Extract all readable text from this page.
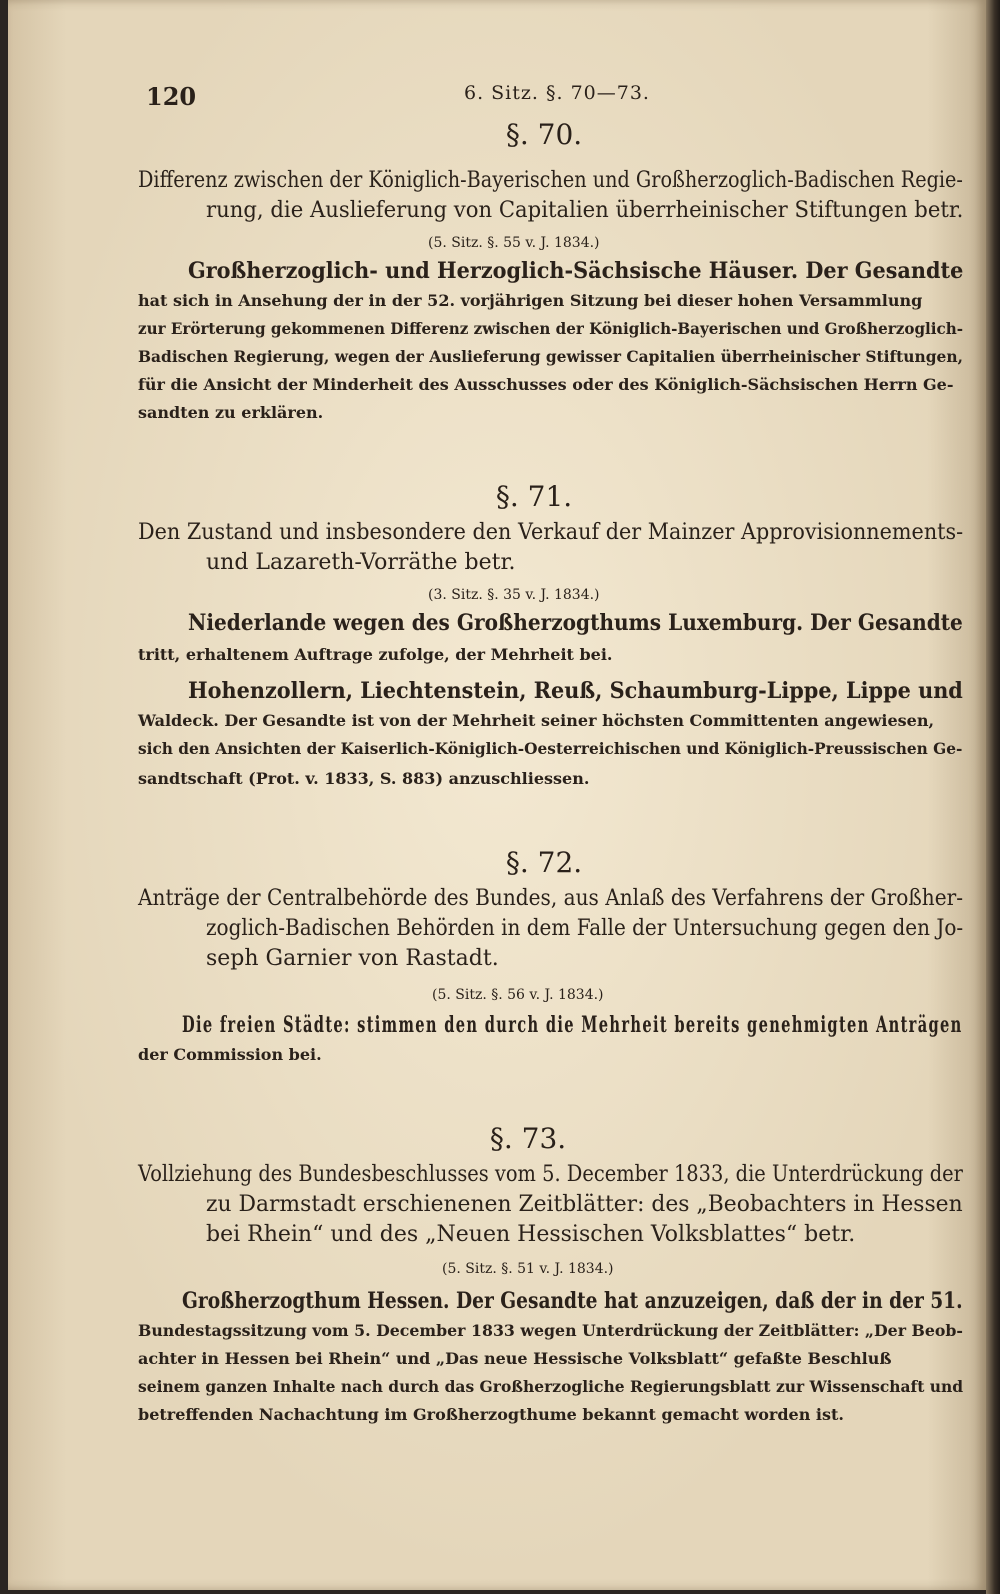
120	6. Sitz. §. 70—73.
§. 70.
Differenz zwischen der Königlich-Bayerischen und Großherzoglich-Badischen Regie-
rung, die Auslieferung von Capitalien überrheinischer Stiftungen betr.
(5. Sitz. §. 55 v. J. 1834.)
Großherzoglich- und Herzoglich-Sächsische Häuser. Der Gesandte
hat sich in Ansehung der in der 52. vorjährigen Sitzung bei dieser hohen Versammlung
zur Erörterung gekommenen Differenz zwischen der Königlich-Bayerischen und Großherzoglich-
Badischen Regierung, wegen der Auslieferung gewisser Capitalien überrheinischer Stiftungen,
für die Ansicht der Minderheit des Ausschusses oder des Königlich-Sächsischen Herrn Ge-
sandten zu erklären.
§. 71.
Den Zustand und insbesondere den Verkauf der Mainzer Approvisionnements-
und Lazareth-Vorräthe betr.
(3. Sitz. §. 35 v. J. 1834.)
Niederlande wegen des Großherzogthums Luxemburg. Der Gesandte
tritt, erhaltenem Auftrage zufolge, der Mehrheit bei.
Hohenzollern, Liechtenstein, Reuß, Schaumburg-Lippe, Lippe und
Waldeck. Der Gesandte ist von der Mehrheit seiner höchsten Committenten angewiesen,
sich den Ansichten der Kaiserlich-Königlich-Oesterreichischen und Königlich-Preussischen Ge-
sandtschaft (Prot. v. 1833, S. 883) anzuschliessen.
§. 72.
Anträge der Centralbehörde des Bundes, aus Anlaß des Verfahrens der Großher-
zoglich-Badischen Behörden in dem Falle der Untersuchung gegen den Jo-
seph Garnier von Rastadt.
(5. Sitz. §. 56 v. J. 1834.)
Die freien Städte: stimmen den durch die Mehrheit bereits genehmigten Anträgen
der Commission bei.
§. 73.
Vollziehung des Bundesbeschlusses vom 5. December 1833, die Unterdrückung der
zu Darmstadt erschienenen Zeitblätter: des „Beobachters in Hessen
bei Rhein“ und des „Neuen Hessischen Volksblattes“ betr.
(5. Sitz. §. 51 v. J. 1834.)
Großherzogthum Hessen. Der Gesandte hat anzuzeigen, daß der in der 51.
Bundestagssitzung vom 5. December 1833 wegen Unterdrückung der Zeitblätter: „Der Beob-
achter in Hessen bei Rhein“ und „Das neue Hessische Volksblatt“ gefaßte Beschluß
seinem ganzen Inhalte nach durch das Großherzogliche Regierungsblatt zur Wissenschaft und
betreffenden Nachachtung im Großherzogthume bekannt gemacht worden ist.
